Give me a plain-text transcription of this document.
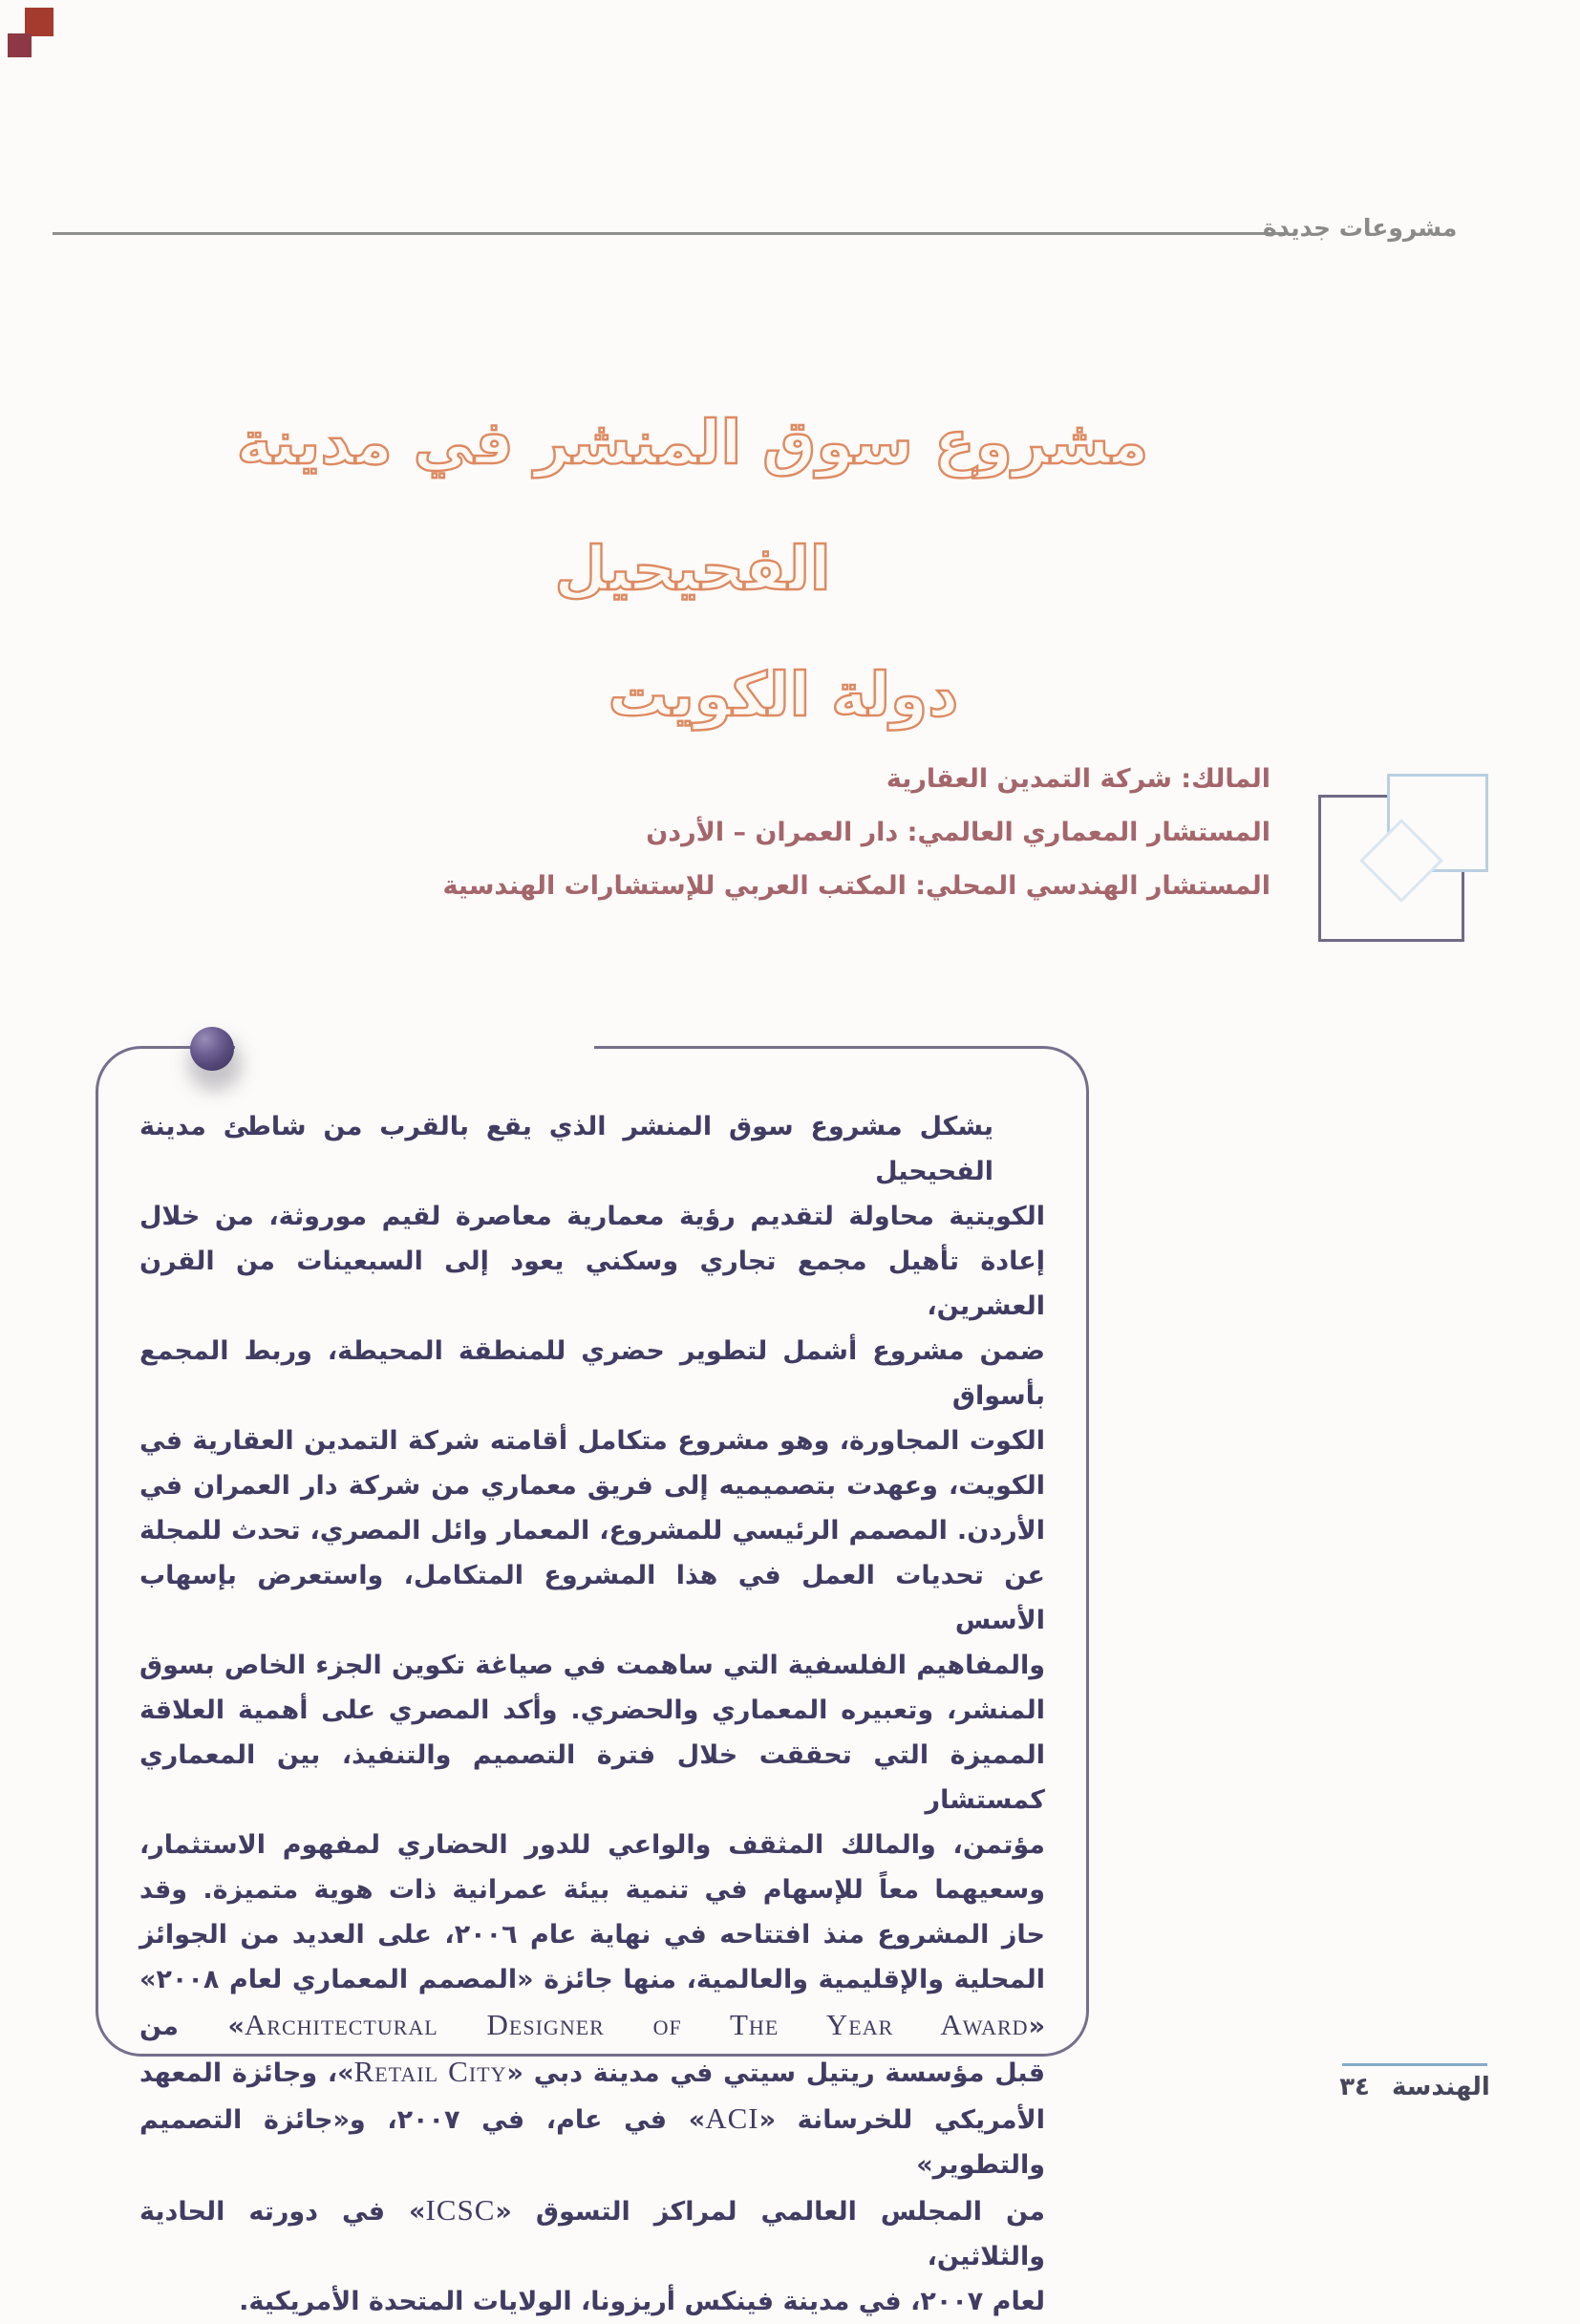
مشروعات جديدة
مشروع سوق المنشر في مدينة الفحيحيل
دولة الكويت
المالك: شركة التمدين العقارية
المستشار المعماري العالمي: دار العمران – الأردن
المستشار الهندسي المحلي: المكتب العربي للإستشارات الهندسية
يشكل مشروع سوق المنشر الذي يقع بالقرب من شاطئ مدينة الفحيحيل
الكويتية محاولة لتقديم رؤية معمارية معاصرة لقيم موروثة، من خلال
إعادة تأهيل مجمع تجاري وسكني يعود إلى السبعينات من القرن العشرين،
ضمن مشروع أشمل لتطوير حضري للمنطقة المحيطة، وربط المجمع بأسواق
الكوت المجاورة، وهو مشروع متكامل أقامته شركة التمدين العقارية في
الكويت، وعهدت بتصميميه إلى فريق معماري من شركة دار العمران في
الأردن. المصمم الرئيسي للمشروع، المعمار وائل المصري، تحدث للمجلة
عن تحديات العمل في هذا المشروع المتكامل، واستعرض بإسهاب الأسس
والمفاهيم الفلسفية التي ساهمت في صياغة تكوين الجزء الخاص بسوق
المنشر، وتعبيره المعماري والحضري. وأكد المصري على أهمية العلاقة
المميزة التي تحققت خلال فترة التصميم والتنفيذ، بين المعماري كمستشار
مؤتمن، والمالك المثقف والواعي للدور الحضاري لمفهوم الاستثمار،
وسعيهما معاً للإسهام في تنمية بيئة عمرانية ذات هوية متميزة. وقد
حاز المشروع منذ افتتاحه في نهاية عام ٢٠٠٦، على العديد من الجوائز
المحلية والإقليمية والعالمية، منها جائزة «المصمم المعماري لعام ٢٠٠٨»
«Architectural Designer of The Year Award» من
قبل مؤسسة ريتيل سيتي في مدينة دبي «Retail City»، وجائزة المعهد
الأمريكي للخرسانة «ACI» في عام، في ٢٠٠٧، و«جائزة التصميم والتطوير»
من المجلس العالمي لمراكز التسوق «ICSC» في دورته الحادية والثلاثين،
لعام ٢٠٠٧، في مدينة فينكس أريزونا، الولايات المتحدة الأمريكية.
الهندسة ٣٤
